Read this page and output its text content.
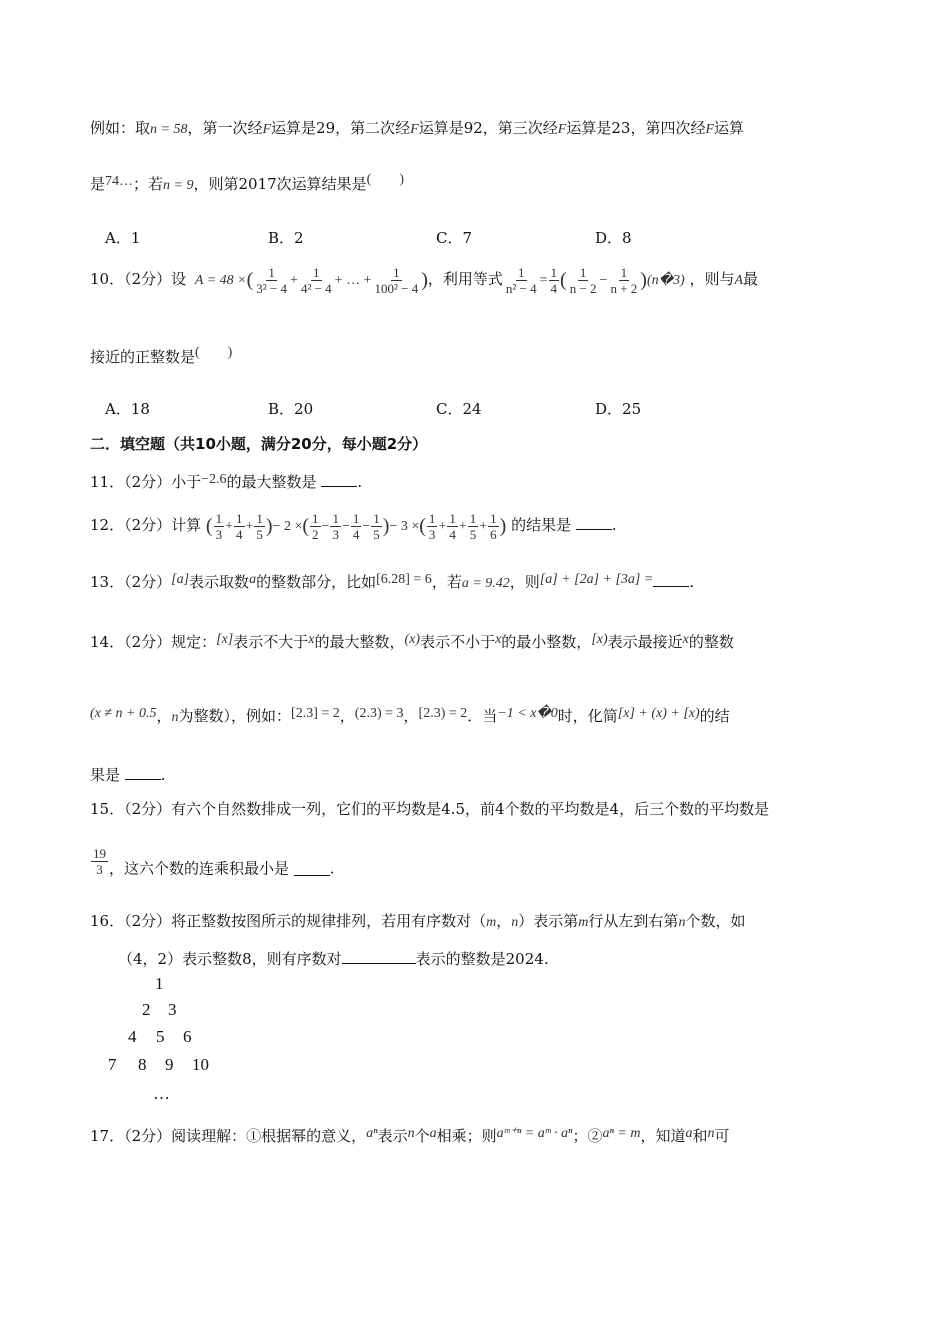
例如：取n = 58，第一次经F运算是29，第二次经F运算是92，第三次经F运算是23，第四次经F运算
是74…；若n = 9，则第2017次运算结果是(　　)
A．1	B．2	C．7	D．8
10．（2分）设 A = 48 ×( $\frac{1}{\text{3² − 4}} + \frac{1}{\text{4² − 4}}$ + … + $\frac{1}{\text{100² − 4}}$ )，利用等式 $\frac{1}{\text{n² − 4}} = \frac{1}{4}$ ( $\frac{1}{n - 2} - \frac{1}{n + 2}$ )(n�3) ，则与A最
接近的正整数是(　　)
A．18	B．20	C．24	D．25
二．填空题（共10小题，满分20分，每小题2分）
11．（2分）小于−2.6的最大整数是	.
12．（2分）计算 ( $\frac{1}{3} + \frac{1}{4} + \frac{1}{5}$ )− 2 ×( $\frac{1}{2} - \frac{1}{3} - \frac{1}{4} - \frac{1}{5}$ )− 3 ×( $\frac{1}{3} + \frac{1}{4} + \frac{1}{5} + \frac{1}{6}$ ) 的结果是	.
13．（2分）[a]表示取数a的整数部分，比如[6.28] = 6，若a = 9.42，则[a] + [2a] + [3a] = .
14．（2分）规定：[x]表示不大于x的最大整数，(x)表示不小于x的最小整数，[x)表示最接近x的整数
(x ≠ n + 0.5，n为整数），例如：[2.3] = 2，(2.3) = 3，[2.3) = 2．当−1 < x�0时，化简[x] + (x) + [x)的结
果是	.
15．（2分）有六个自然数排成一列，它们的平均数是4.5，前4个数的平均数是4，后三个数的平均数是
$\frac{19}{3}$ ，这六个数的连乘积最小是	.
16．（2分）将正整数按图所示的规律排列，若用有序数对（m，n）表示第m行从左到右第n个数，如
（4，2）表示整数8，则有序数对	表示的整数是2024.
1
2 3
4 5 6
7 8 9 10
…
17．（2分）阅读理解：①根据幂的意义，aⁿ表示n个a相乘；则aᵐ⁺ⁿ = aᵐ · aⁿ；②aⁿ = m，知道a和n可
